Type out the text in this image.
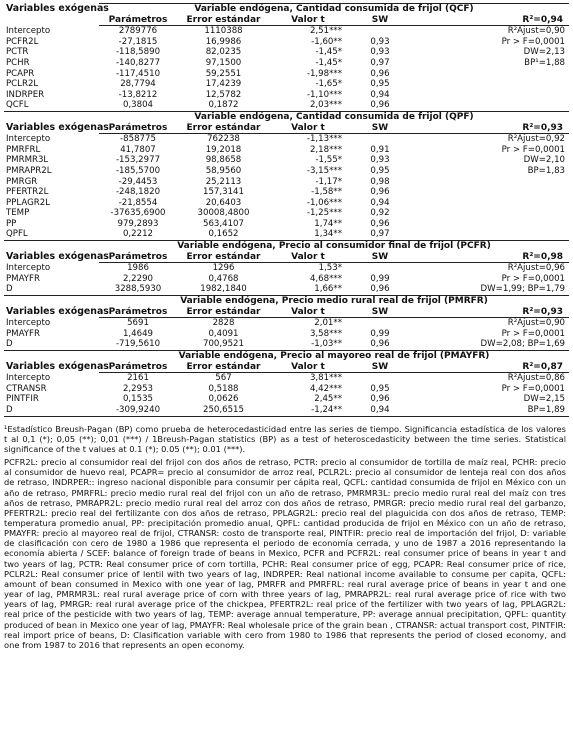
Variables exógenas	Variable endógena, Cantidad consumida de frijol (QCF)				
	Parámetros	Error estándar	Valor t	SW	R²=0,94
Intercepto	2789776	1110388	2,51***		R²Ajust=0,90
PCFR2L	-27,1815	16,9986	-1,60**	0,93	Pr > F=0,0001
PCTR	-118,5890	82,0235	-1,45*	0,93	DW=2,13
PCHR	-140,8277	97,1500	-1,45*	0,97	BP¹=1,88
PCAPR	-117,4510	59,2551	-1,98***	0,96	
PCLR2L	28,7794	17,4239	-1,65*	0,95	
INDRPER	-13,8212	12,5782	-1,10***	0,94	
QCFL	0,3804	0,1872	2,03***	0,96	
Variables exógenas	Variable endógena, Cantidad consumida de frijol (QPF)				
	Parámetros	Error estándar	Valor t	SW	R²=0,93
Intercepto	-858775	762238	-1,13***		R²Ajust=0,92
PMRFRL	41,7807	19,2018	2,18***	0,91	Pr > F=0,0001
PMRMR3L	-153,2977	98,8658	-1,55*	0,93	DW=2,10
PMRAPR2L	-185,5700	58,9560	-3,15***	0,95	BP=1,83
PMRGR	-29,4453	25,2113	-1,17*	0,98	
PFERTR2L	-248,1820	157,3141	-1,58**	0,96	
PPLAGR2L	-21,8554	20,6403	-1,06***	0,94	
TEMP	-37635,6900	30008,4800	-1,25***	0,92	
PP	979,2893	563,4107	1,74**	0,96	
QPFL	0,2212	0,1652	1,34**	0,97	
Variables exógenas	Variable endógena, Precio al consumidor final de frijol (PCFR)				
	Parámetros	Error estándar	Valor t	SW	R²=0,98
Intercepto	1986	1296	1,53*		R²Ajust=0,96
PMAYFR	2,2290	0,4768	4,68***	0,99	Pr > F=0,0001
D	3288,5930	1982,1840	1,66**	0,96	DW=1,99; BP=1,79
Variables exógenas	Variable endógena, Precio medio rural real de frijol (PMRFR)				
	Parámetros	Error estándar	Valor t	SW	R²=0,93
Intercepto	5691	2828	2,01**		R²Ajust=0,90
PMAYFR	1,4649	0,4091	3,58***	0,99	Pr > F=0,0001
D	-719,5610	700,9521	-1,03**	0,96	DW=2,08; BP=1,69
Variables exógenas	Variable endógena, Precio al mayoreo real de frijol (PMAYFR)				
	Parámetros	Error estándar	Valor t	SW	R²=0,87
Intercepto	2161	567	3,81***		R²Ajust=0,86
CTRANSR	2,2953	0,5188	4,42***	0,95	Pr > F=0,0001
PINTFIR	0,1535	0,0626	2,45**	0,96	DW=2,15
D	-309,9240	250,6515	-1,24**	0,94	BP=1,89

¹Estadístico Breush-Pagan (BP) como prueba de heterocedasticidad entre las series de tiempo. Significancia estadística de los valores t al 0,1 (*); 0,05 (**); 0,01 (***) / 1Breush-Pagan statistics (BP) as a test of heteroscedasticity between the time series. Statistical significance of the t values at 0.1 (*); 0.05 (**); 0.01 (***).

PCFR2L: precio al consumidor real del frijol con dos años de retraso, PCTR: precio al consumidor de tortilla de maíz real, PCHR: precio al consumidor de huevo real, PCAPR= precio al consumidor de arroz real, PCLR2L: precio al consumidor de lenteja real con dos años de retraso, INDRPER:: ingreso nacional disponible para consumir per cápita real, QCFL: cantidad consumida de frijol en México con un año de retraso, PMRFRL: precio medio rural real del frijol con un año de retraso, PMRMR3L: precio medio rural real del maíz con tres años de retraso, PMRAPR2L: precio medio rural real del arroz con dos años de retraso, PMRGR: precio medio rural real del garbanzo, PFERTR2L: precio real del fertilizante con dos años de retraso, PPLAGR2L: precio real del plaguicida con dos años de retraso, TEMP: temperatura promedio anual, PP: precipitación promedio anual, QPFL: cantidad producida de frijol en México con un año de retraso, PMAYFR: precio al mayoreo real de frijol, CTRANSR: costo de transporte real, PINTFIR: precio real de importación del frijol, D: variable de clasificación con cero de 1980 a 1986 que representa el periodo de economía cerrada, y uno de 1987 a 2016 representando la economía abierta / SCEF: balance of foreign trade of beans in Mexico, PCFR and PCFR2L: real consumer price of beans in year t and two years of lag, PCTR: Real consumer price of corn tortilla, PCHR: Real consumer price of egg, PCAPR: Real consumer price of rice, PCLR2L: Real consumer price of lentil with two years of lag, INDRPER: Real national income available to consume per capita, QCFL: amount of bean consumed in Mexico with one year of lag, PMRFR and PMRFRL: real rural average price of beans in year t and one year of lag, PMRMR3L: real rural average price of corn with three years of lag, PMRAPR2L: real rural average price of rice with two years of lag, PMRGR: real rural average price of the chickpea, PFERTR2L: real price of the fertilizer with two years of lag, PPLAGR2L: real price of the pesticide with two years of lag, TEMP: average annual temperature, PP: average annual precipitation, QPFL: quantity produced of bean in Mexico one year of lag, PMAYFR: Real wholesale price of the grain bean , CTRANSR: actual transport cost, PINTFIR: real import price of beans, D: Clasification variable with cero from 1980 to 1986 that represents the period of closed economy, and one from 1987 to 2016 that represents an open economy.
